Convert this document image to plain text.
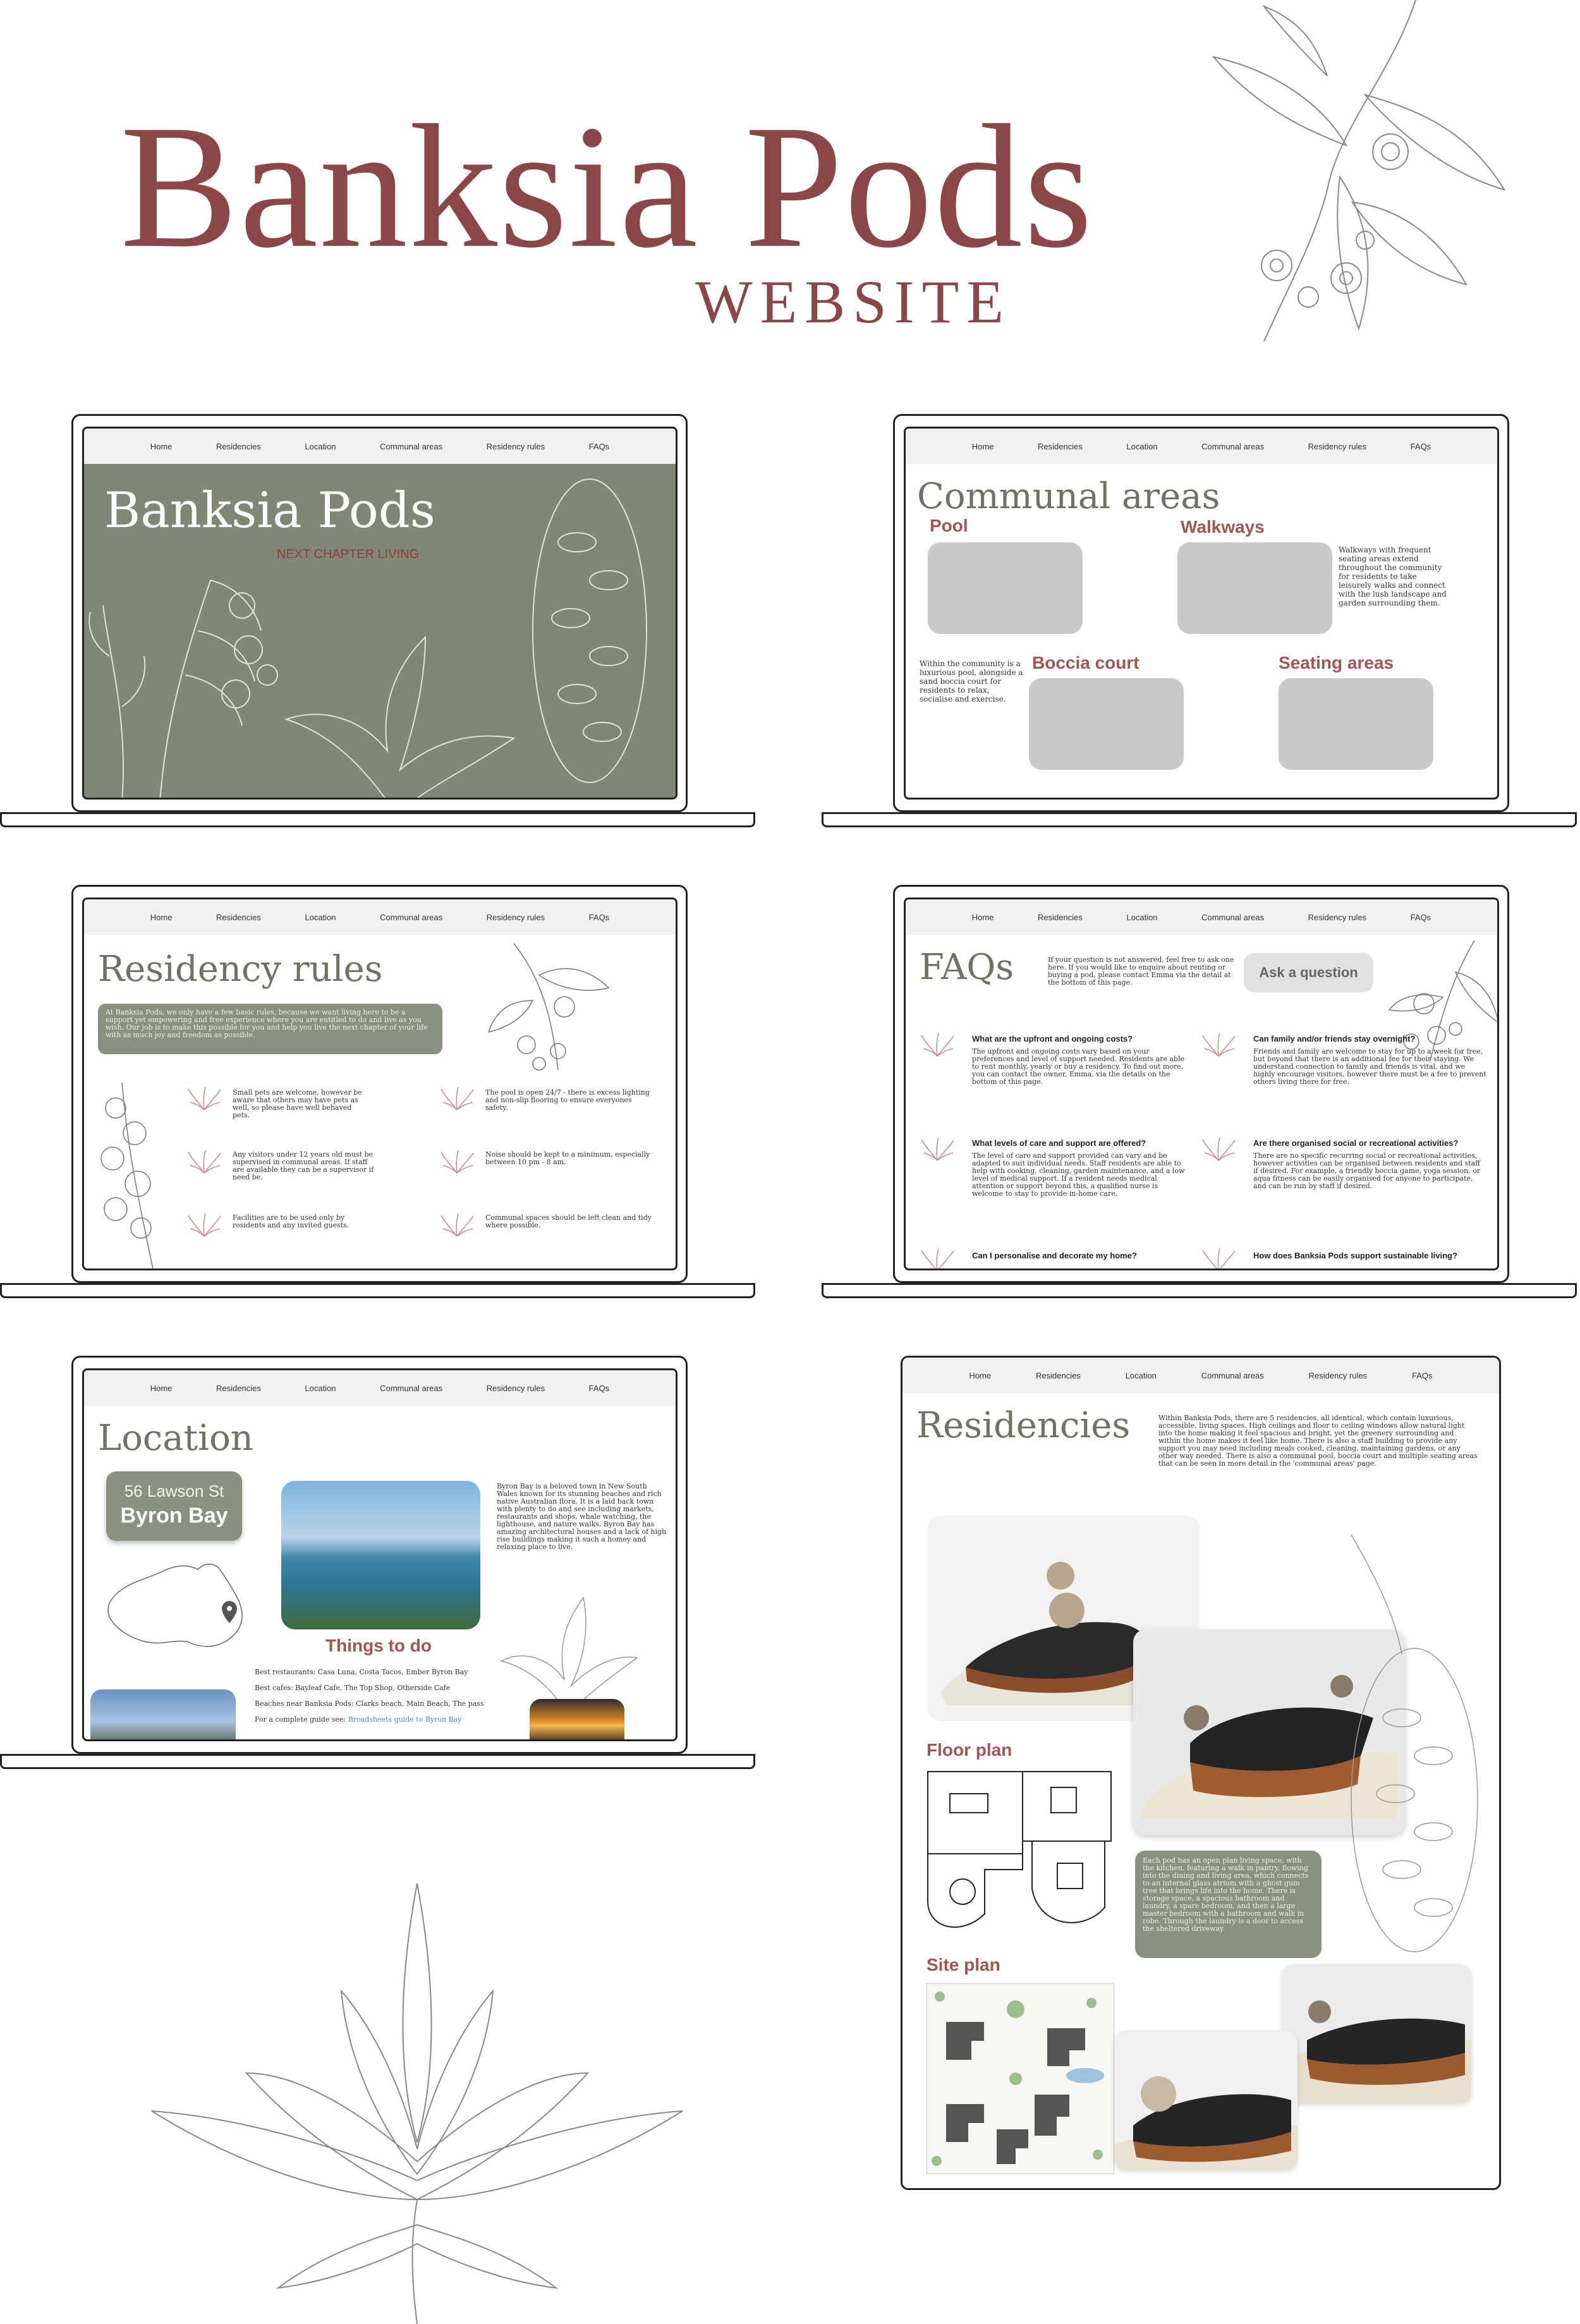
Banksia Pods
WEBSITE
Home	Residencies	Location	Communal areas	Residency rules	FAQs
Banksia Pods
NEXT CHAPTER LIVING
Home	Residencies	Location	Communal areas	Residency rules	FAQs
Communal areas
Pool	Walkways
Walkways with frequent seating areas extend throughout the community for residents to take leisurely walks and connect with the lush landscape and garden surrounding them.
Within the community is a luxurious pool, alongside a sand boccia court for residents to relax, socialise and exercise.
Boccia court	Seating areas
Home	Residencies	Location	Communal areas	Residency rules	FAQs
Residency rules
At Banksia Pods, we only have a few basic rules, because we want living here to be a support yet empowering and free experience where you are entitled to do and live as you wish. Our job is to make this possible for you and help you live the next chapter of your life with as much joy and freedom as possible.
Small pets are welcome, however be aware that others may have pets as well, so please have well behaved pets.
The pool is open 24/7 - there is excess lighting and non-slip flooring to ensure everyones safety.
Any visitors under 12 years old must be supervised in communal areas. If staff are available they can be a supervisor if need be.
Noise should be kept to a minimum, especially between 10 pm - 8 am.
Facilities are to be used only by residents and any invited guests.
Communal spaces should be left clean and tidy where possible.
Home	Residencies	Location	Communal areas	Residency rules	FAQs
FAQs	If your question is not answered, feel free to ask one here. If you would like to enquire about renting or buying a pod, please contact Emma via the detail at the bottom of this page.
Ask a question
What are the upfront and ongoing costs?
The upfront and ongoing costs vary based on your preferences and level of support needed. Residents are able to rent monthly, yearly or buy a residency. To find out more, you can contact the owner, Emma, via the details on the bottom of this page.
Can family and/or friends stay overnight?
Friends and family are welcome to stay for up to a week for free, but beyond that there is an additional fee for their staying. We understand connection to family and friends is vital, and we highly encourage visitors, however there must be a fee to prevent others living there for free.
What levels of care and support are offered?
The level of care and support provided can vary and be adapted to suit individual needs. Staff residents are able to help with cooking, cleaning, garden maintenance, and a low level of medical support. If a resident needs medical attention or support beyond this, a qualified nurse is welcome to stay to provide in-home care.
Are there organised social or recreational activities?
There are no specific recurring social or recreational activities, however activities can be organised between residents and staff if desired. For example, a friendly boccia game, yoga session, or aqua fitness can be easily organised for anyone to participate, and can be run by staff if desired.
Can I personalise and decorate my home?	How does Banksia Pods support sustainable living?
Home	Residencies	Location	Communal areas	Residency rules	FAQs
Location
56 Lawson St
Byron Bay
Byron Bay is a beloved town in New South Wales known for its stunning beaches and rich native Australian flora. It is a laid back town with plenty to do and see including markets, restaurants and shops, whale watching, the lighthouse, and nature walks. Byron Bay has amazing architectural houses and a lack of high rise buildings making it such a homey and relaxing place to live.
Things to do
Best restaurants: Casa Luna, Costa Tacos, Ember Byron Bay
Best cafes: Bayleaf Cafe, The Top Shop, Otherside Cafe
Beaches near Banksia Pods: Clarks beach, Main Beach, The pass
For a complete guide see: Broadsheets guide to Byron Bay
Home	Residencies	Location	Communal areas	Residency rules	FAQs
Residencies	Within Banksia Pods, there are 5 residencies, all identical, which contain luxurious, accessible, living spaces. High ceilings and floor to ceiling windows allow natural light into the home making it feel spacious and bright, yet the greenery surrounding and within the home makes it feel like home. There is also a staff building to provide any support you may need including meals cooked, cleaning, maintaining gardens, or any other way needed. There is also a communal pool, boccia court and multiple seating areas that can be seen in more detail in the 'communal areas' page.
Floor plan
Each pod has an open plan living space, with the kitchen, featuring a walk in pantry, flowing into the dining and living area, which connects to an internal glass atrium with a ghost gum tree that brings life into the home. There is storage space, a spacious bathroom and laundry, a spare bedroom, and then a large master bedroom with a bathroom and walk in robe. Through the laundry is a door to access the sheltered driveway.
Site plan
